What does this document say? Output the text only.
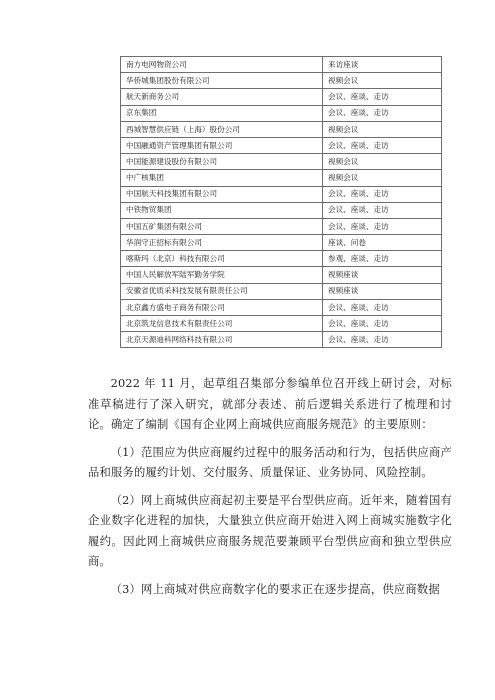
南方电网物资公司	来访座谈
华侨城集团股份有限公司	视频会议
航天新商务公司	会议、座谈、走访
京东集团	会议、座谈、走访
西城智慧供应链（上海）股份公司	视频会议
中国融通资产管理集团有限公司	会议、座谈、走访
中国能源建设股份有限公司	视频会议
中广核集团	视频会议
中国航天科技集团有限公司	会议、座谈、走访
中铁物贸集团	会议、座谈、走访
中国五矿集团有限公司	会议、座谈、走访
华润守正招标有限公司	座谈、问卷
喀斯玛（北京）科技有限公司	参观、座谈、走访
中国人民解放军陆军勤务学院	视频座谈
安徽省优质采科技发展有限责任公司	视频座谈
北京鑫方盛电子商务有限公司	会议、座谈、走访
北京筑龙信息技术有限责任公司	会议、座谈、走访
北京天源迪科网络科技有限公司	会议、座谈、走访

2022 年 11 月，起草组召集部分参编单位召开线上研讨会，对标准草稿进行了深入研究，就部分表述、前后逻辑关系进行了梳理和讨论。确定了编制《国有企业网上商城供应商服务规范》的主要原则：

（1）范围应为供应商履约过程中的服务活动和行为，包括供应商产品和服务的履约计划、交付服务、质量保证、业务协同、风险控制。

（2）网上商城供应商起初主要是平台型供应商。近年来，随着国有企业数字化进程的加快，大量独立供应商开始进入网上商城实施数字化履约。因此网上商城供应商服务规范要兼顾平台型供应商和独立型供应商。

（3）网上商城对供应商数字化的要求正在逐步提高，供应商数据
